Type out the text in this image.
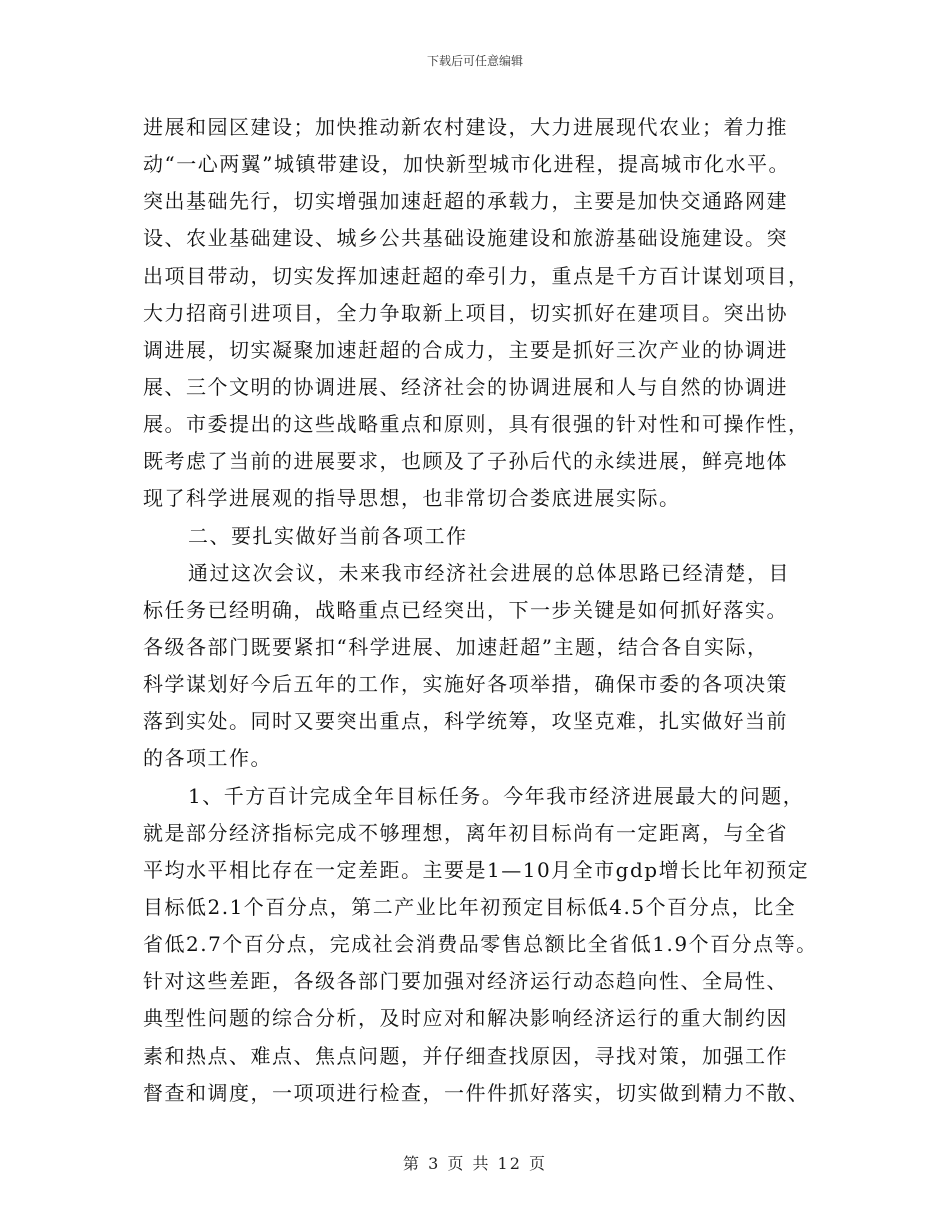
下载后可任意编辑
进展和园区建设；加快推动新农村建设，大力进展现代农业；着力推
动“一心两翼”城镇带建设，加快新型城市化进程，提高城市化水平。
突出基础先行，切实增强加速赶超的承载力，主要是加快交通路网建
设、农业基础建设、城乡公共基础设施建设和旅游基础设施建设。突
出项目带动，切实发挥加速赶超的牵引力，重点是千方百计谋划项目，
大力招商引进项目，全力争取新上项目，切实抓好在建项目。突出协
调进展，切实凝聚加速赶超的合成力，主要是抓好三次产业的协调进
展、三个文明的协调进展、经济社会的协调进展和人与自然的协调进
展。市委提出的这些战略重点和原则，具有很强的针对性和可操作性，
既考虑了当前的进展要求，也顾及了子孙后代的永续进展，鲜亮地体
现了科学进展观的指导思想，也非常切合娄底进展实际。
二、要扎实做好当前各项工作
通过这次会议，未来我市经济社会进展的总体思路已经清楚，目
标任务已经明确，战略重点已经突出，下一步关键是如何抓好落实。
各级各部门既要紧扣“科学进展、加速赶超”主题，结合各自实际，
科学谋划好今后五年的工作，实施好各项举措，确保市委的各项决策
落到实处。同时又要突出重点，科学统筹，攻坚克难，扎实做好当前
的各项工作。
1、千方百计完成全年目标任务。今年我市经济进展最大的问题，
就是部分经济指标完成不够理想，离年初目标尚有一定距离，与全省
平均水平相比存在一定差距。主要是1—10月全市gdp增长比年初预定
目标低2.1个百分点，第二产业比年初预定目标低4.5个百分点，比全
省低2.7个百分点，完成社会消费品零售总额比全省低1.9个百分点等。
针对这些差距，各级各部门要加强对经济运行动态趋向性、全局性、
典型性问题的综合分析，及时应对和解决影响经济运行的重大制约因
素和热点、难点、焦点问题，并仔细查找原因，寻找对策，加强工作
督查和调度，一项项进行检查，一件件抓好落实，切实做到精力不散、
第 3 页 共 12 页
